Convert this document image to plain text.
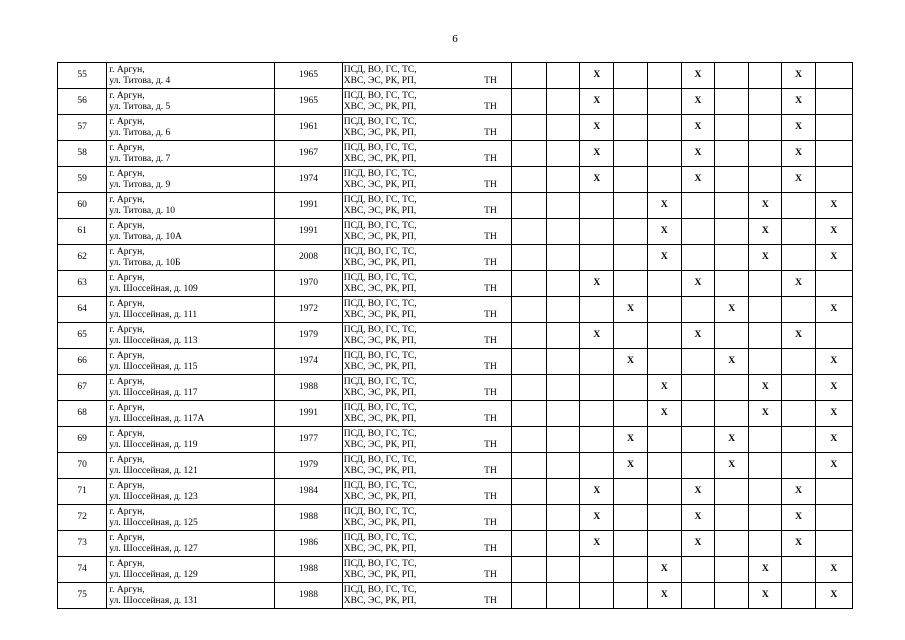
6
55	г. Аргун,
ул. Титова, д. 4	1965	ПСД, ВО, ГС, ТС,
ХВС, ЭС, РК, РП, ТН			X			X			X	
56	г. Аргун,
ул. Титова, д. 5	1965	ПСД, ВО, ГС, ТС,
ХВС, ЭС, РК, РП, ТН			X			X			X	
57	г. Аргун,
ул. Титова, д. 6	1961	ПСД, ВО, ГС, ТС,
ХВС, ЭС, РК, РП, ТН			X			X			X	
58	г. Аргун,
ул. Титова, д. 7	1967	ПСД, ВО, ГС, ТС,
ХВС, ЭС, РК, РП, ТН			X			X			X	
59	г. Аргун,
ул. Титова, д. 9	1974	ПСД, ВО, ГС, ТС,
ХВС, ЭС, РК, РП, ТН			X			X			X	
60	г. Аргун,
ул. Титова, д. 10	1991	ПСД, ВО, ГС, ТС,
ХВС, ЭС, РК, РП, ТН					X			X		X
61	г. Аргун,
ул. Титова, д. 10А	1991	ПСД, ВО, ГС, ТС,
ХВС, ЭС, РК, РП, ТН					X			X		X
62	г. Аргун,
ул. Титова, д. 10Б	2008	ПСД, ВО, ГС, ТС,
ХВС, ЭС, РК, РП, ТН					X			X		X
63	г. Аргун,
ул. Шоссейная, д. 109	1970	ПСД, ВО, ГС, ТС,
ХВС, ЭС, РК, РП, ТН			X			X			X	
64	г. Аргун,
ул. Шоссейная, д. 111	1972	ПСД, ВО, ГС, ТС,
ХВС, ЭС, РК, РП, ТН				X			X			X
65	г. Аргун,
ул. Шоссейная, д. 113	1979	ПСД, ВО, ГС, ТС,
ХВС, ЭС, РК, РП, ТН			X			X			X	
66	г. Аргун,
ул. Шоссейная, д. 115	1974	ПСД, ВО, ГС, ТС,
ХВС, ЭС, РК, РП, ТН				X			X			X
67	г. Аргун,
ул. Шоссейная, д. 117	1988	ПСД, ВО, ГС, ТС,
ХВС, ЭС, РК, РП, ТН					X			X		X
68	г. Аргун,
ул. Шоссейная, д. 117А	1991	ПСД, ВО, ГС, ТС,
ХВС, ЭС, РК, РП, ТН					X			X		X
69	г. Аргун,
ул. Шоссейная, д. 119	1977	ПСД, ВО, ГС, ТС,
ХВС, ЭС, РК, РП, ТН				X			X			X
70	г. Аргун,
ул. Шоссейная, д. 121	1979	ПСД, ВО, ГС, ТС,
ХВС, ЭС, РК, РП, ТН				X			X			X
71	г. Аргун,
ул. Шоссейная, д. 123	1984	ПСД, ВО, ГС, ТС,
ХВС, ЭС, РК, РП, ТН			X			X			X	
72	г. Аргун,
ул. Шоссейная, д. 125	1988	ПСД, ВО, ГС, ТС,
ХВС, ЭС, РК, РП, ТН			X			X			X	
73	г. Аргун,
ул. Шоссейная, д. 127	1986	ПСД, ВО, ГС, ТС,
ХВС, ЭС, РК, РП, ТН			X			X			X	
74	г. Аргун,
ул. Шоссейная, д. 129	1988	ПСД, ВО, ГС, ТС,
ХВС, ЭС, РК, РП, ТН					X			X		X
75	г. Аргун,
ул. Шоссейная, д. 131	1988	ПСД, ВО, ГС, ТС,
ХВС, ЭС, РК, РП, ТН					X			X		X
